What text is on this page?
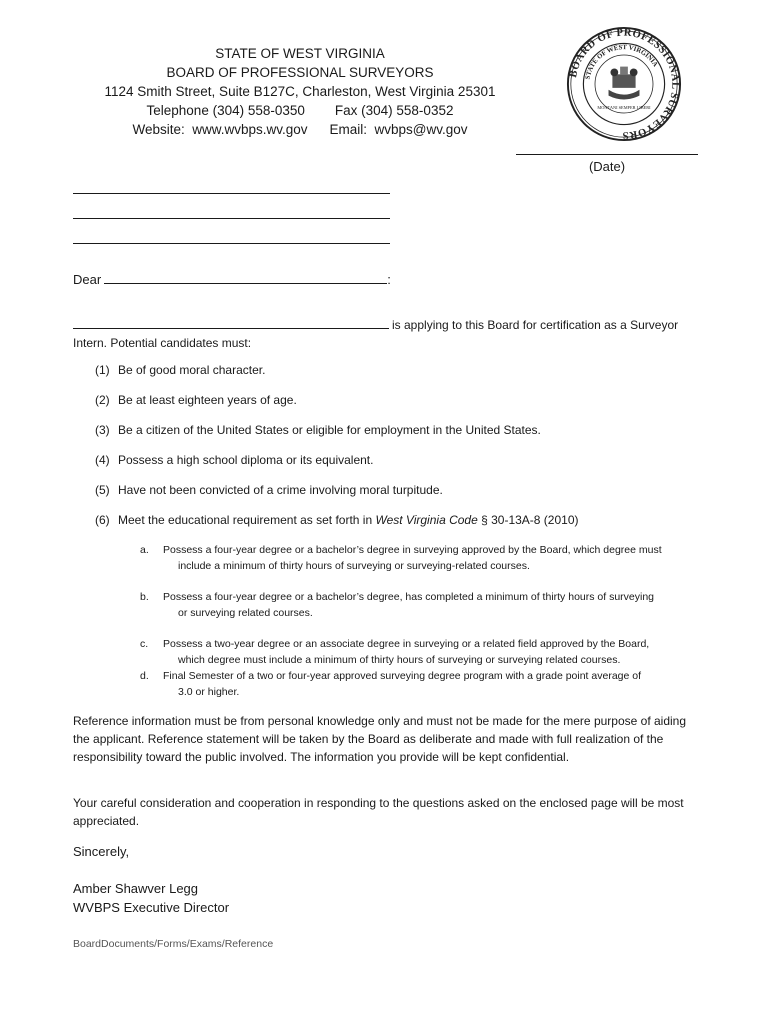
STATE OF WEST VIRGINIA
BOARD OF PROFESSIONAL SURVEYORS
1124 Smith Street, Suite B127C, Charleston, West Virginia 25301
Telephone (304) 558-0350 Fax (304) 558-0352
Website:  www.wvbps.wv.gov Email:  wvbps@wv.gov
BOARD OF PROFESSIONAL SURVEYORS
STATE OF WEST VIRGINIA
MONTANI SEMPER LIBERI
(Date)
Dear	:
is applying to this Board for certification as a Surveyor Intern. Potential candidates must:
(1) Be of good moral character.
(2) Be at least eighteen years of age.
(3) Be a citizen of the United States or eligible for employment in the United States.
(4) Possess a high school diploma or its equivalent.
(5) Have not been convicted of a crime involving moral turpitude.
(6) Meet the educational requirement as set forth in West Virginia Code § 30-13A-8 (2010)
a. Possess a four-year degree or a bachelor’s degree in surveying approved by the Board, which degree must
include a minimum of thirty hours of surveying or surveying-related courses.
b. Possess a four-year degree or a bachelor’s degree, has completed a minimum of thirty hours of surveying
or surveying related courses.
c. Possess a two-year degree or an associate degree in surveying or a related field approved by the Board,
which degree must include a minimum of thirty hours of surveying or surveying related courses.
d. Final Semester of a two or four-year approved surveying degree program with a grade point average of
3.0 or higher.
Reference information must be from personal knowledge only and must not be made for the mere purpose of aiding the applicant. Reference statement will be taken by the Board as deliberate and made with full realization of the responsibility toward the public involved. The information you provide will be kept confidential.
Your careful consideration and cooperation in responding to the questions asked on the enclosed page will be most appreciated.
Sincerely,
Amber Shawver Legg
WVBPS Executive Director
BoardDocuments/Forms/Exams/Reference
